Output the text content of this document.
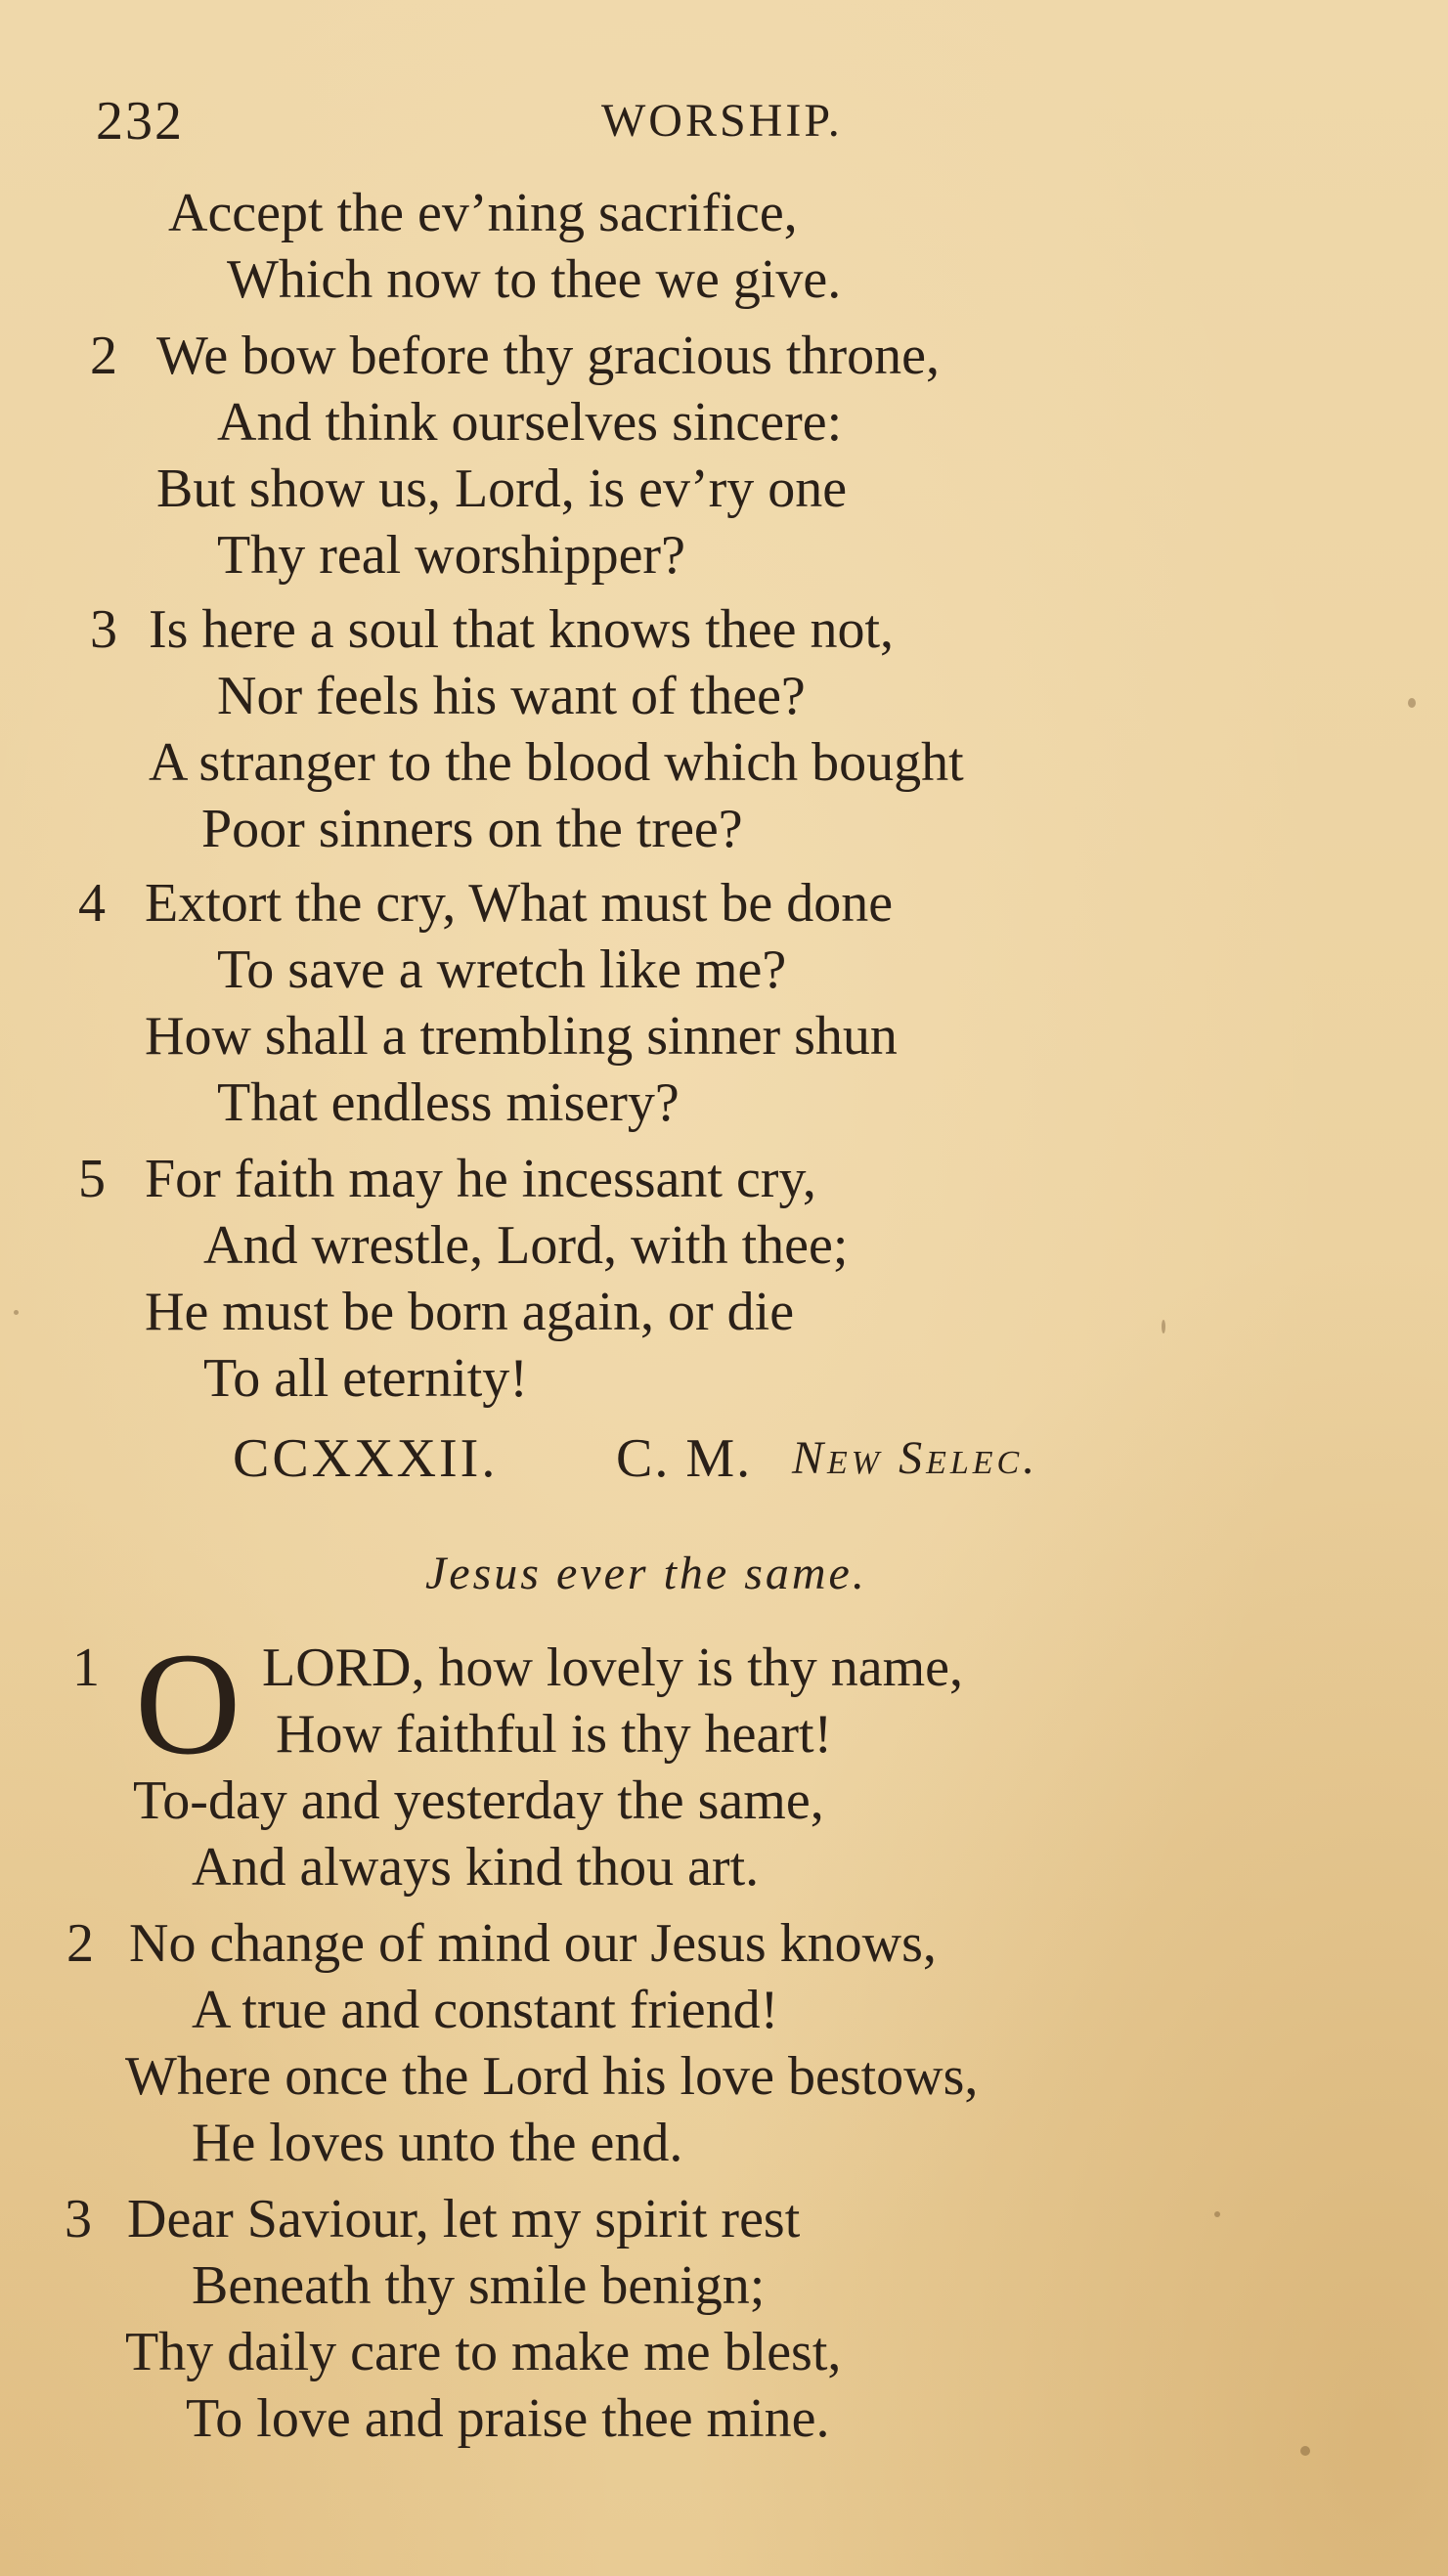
232	WORSHIP.
Accept the ev’ning sacrifice,
Which now to thee we give.
2 We bow before thy gracious throne,
And think ourselves sincere:
But show us, Lord, is ev’ry one
Thy real worshipper?
3 Is here a soul that knows thee not,
Nor feels his want of thee?
A stranger to the blood which bought
Poor sinners on the tree?
4 Extort the cry, What must be done
To save a wretch like me?
How shall a trembling sinner shun
That endless misery?
5 For faith may he incessant cry,
And wrestle, Lord, with thee;
He must be born again, or die
To all eternity!
CCXXXII. C. M. New Selec.
Jesus ever the same.
1 O LORD, how lovely is thy name,
How faithful is thy heart!
To-day and yesterday the same,
And always kind thou art.
2 No change of mind our Jesus knows,
A true and constant friend!
Where once the Lord his love bestows,
He loves unto the end.
3 Dear Saviour, let my spirit rest
Beneath thy smile benign;
Thy daily care to make me blest,
To love and praise thee mine.
